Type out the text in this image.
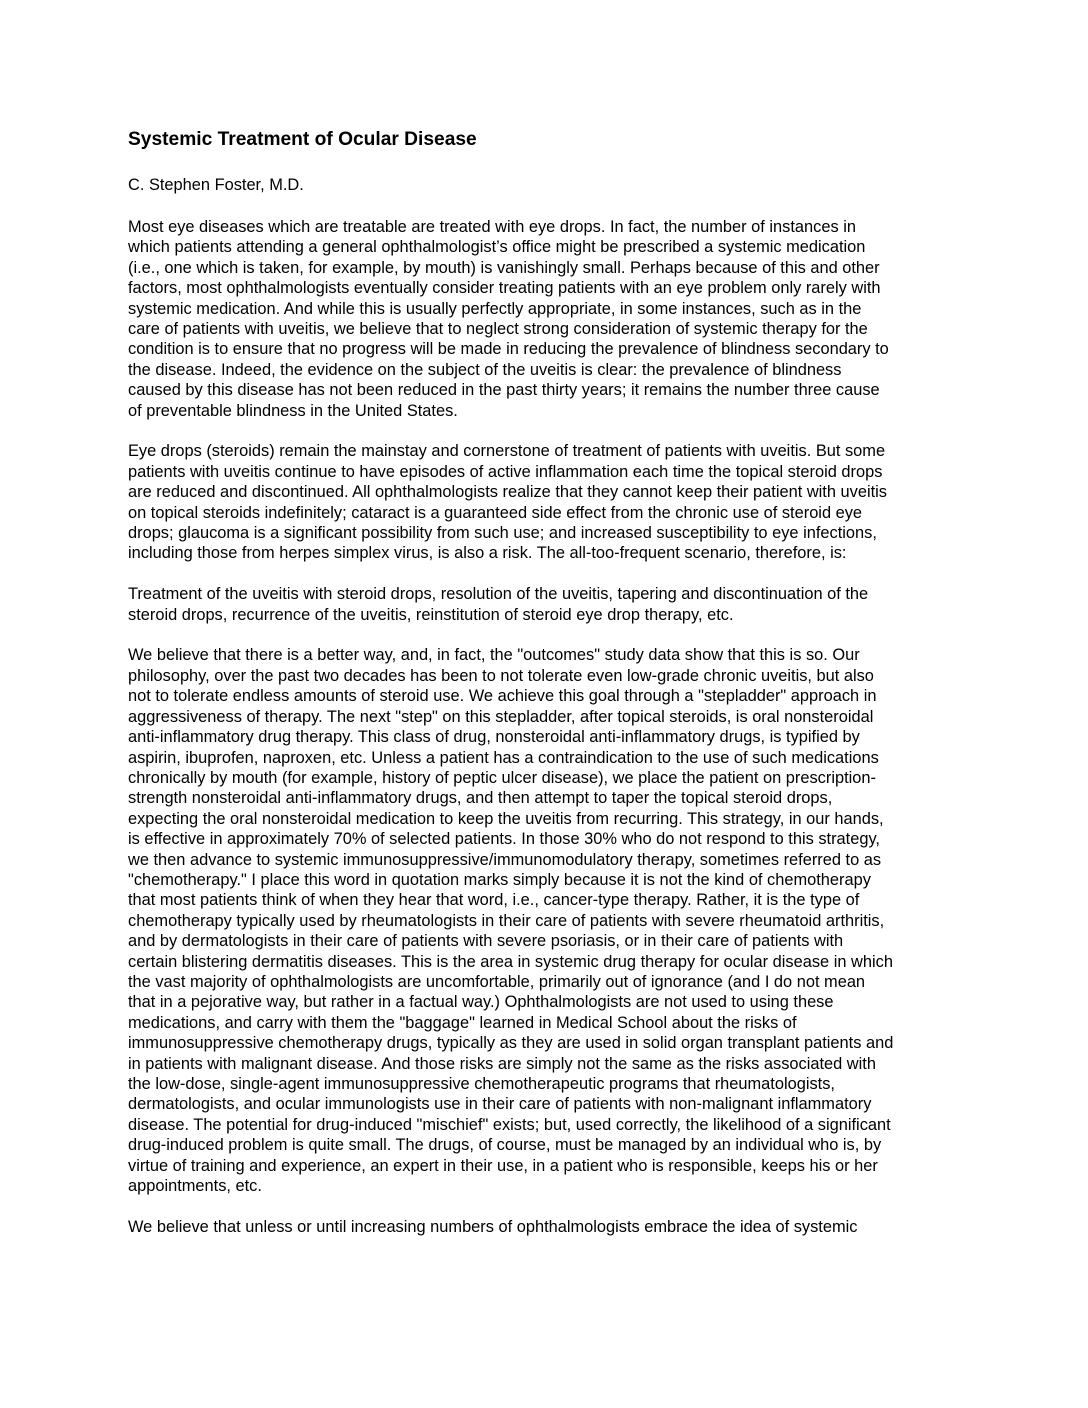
Systemic Treatment of Ocular Disease
C. Stephen Foster, M.D.
Most eye diseases which are treatable are treated with eye drops. In fact, the number of instances in
which patients attending a general ophthalmologist’s office might be prescribed a systemic medication
(i.e., one which is taken, for example, by mouth) is vanishingly small. Perhaps because of this and other
factors, most ophthalmologists eventually consider treating patients with an eye problem only rarely with
systemic medication. And while this is usually perfectly appropriate, in some instances, such as in the
care of patients with uveitis, we believe that to neglect strong consideration of systemic therapy for the
condition is to ensure that no progress will be made in reducing the prevalence of blindness secondary to
the disease. Indeed, the evidence on the subject of the uveitis is clear: the prevalence of blindness
caused by this disease has not been reduced in the past thirty years; it remains the number three cause
of preventable blindness in the United States.
Eye drops (steroids) remain the mainstay and cornerstone of treatment of patients with uveitis. But some
patients with uveitis continue to have episodes of active inflammation each time the topical steroid drops
are reduced and discontinued. All ophthalmologists realize that they cannot keep their patient with uveitis
on topical steroids indefinitely; cataract is a guaranteed side effect from the chronic use of steroid eye
drops; glaucoma is a significant possibility from such use; and increased susceptibility to eye infections,
including those from herpes simplex virus, is also a risk. The all-too-frequent scenario, therefore, is:
Treatment of the uveitis with steroid drops, resolution of the uveitis, tapering and discontinuation of the
steroid drops, recurrence of the uveitis, reinstitution of steroid eye drop therapy, etc.
We believe that there is a better way, and, in fact, the "outcomes" study data show that this is so. Our
philosophy, over the past two decades has been to not tolerate even low-grade chronic uveitis, but also
not to tolerate endless amounts of steroid use. We achieve this goal through a "stepladder" approach in
aggressiveness of therapy. The next "step" on this stepladder, after topical steroids, is oral nonsteroidal
anti-inflammatory drug therapy. This class of drug, nonsteroidal anti-inflammatory drugs, is typified by
aspirin, ibuprofen, naproxen, etc. Unless a patient has a contraindication to the use of such medications
chronically by mouth (for example, history of peptic ulcer disease), we place the patient on prescription-
strength nonsteroidal anti-inflammatory drugs, and then attempt to taper the topical steroid drops,
expecting the oral nonsteroidal medication to keep the uveitis from recurring. This strategy, in our hands,
is effective in approximately 70% of selected patients. In those 30% who do not respond to this strategy,
we then advance to systemic immunosuppressive/immunomodulatory therapy, sometimes referred to as
"chemotherapy." I place this word in quotation marks simply because it is not the kind of chemotherapy
that most patients think of when they hear that word, i.e., cancer-type therapy. Rather, it is the type of
chemotherapy typically used by rheumatologists in their care of patients with severe rheumatoid arthritis,
and by dermatologists in their care of patients with severe psoriasis, or in their care of patients with
certain blistering dermatitis diseases. This is the area in systemic drug therapy for ocular disease in which
the vast majority of ophthalmologists are uncomfortable, primarily out of ignorance (and I do not mean
that in a pejorative way, but rather in a factual way.) Ophthalmologists are not used to using these
medications, and carry with them the "baggage" learned in Medical School about the risks of
immunosuppressive chemotherapy drugs, typically as they are used in solid organ transplant patients and
in patients with malignant disease. And those risks are simply not the same as the risks associated with
the low-dose, single-agent immunosuppressive chemotherapeutic programs that rheumatologists,
dermatologists, and ocular immunologists use in their care of patients with non-malignant inflammatory
disease. The potential for drug-induced "mischief" exists; but, used correctly, the likelihood of a significant
drug-induced problem is quite small. The drugs, of course, must be managed by an individual who is, by
virtue of training and experience, an expert in their use, in a patient who is responsible, keeps his or her
appointments, etc.
We believe that unless or until increasing numbers of ophthalmologists embrace the idea of systemic
